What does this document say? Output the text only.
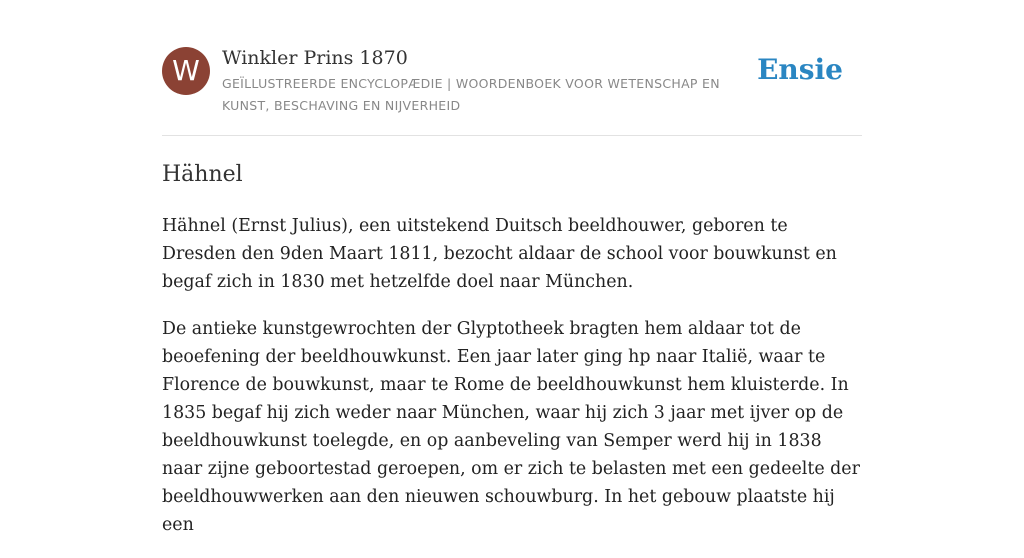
W Winkler Prins 1870
GEÏLLUSTREERDE ENCYCLOPÆDIE | WOORDENBOEK VOOR WETENSCHAP EN KUNST, BESCHAVING EN NIJVERHEID
Ensie
Hähnel

Hähnel (Ernst Julius), een uitstekend Duitsch beeldhouwer, geboren te Dresden den 9den Maart 1811, bezocht aldaar de school voor bouwkunst en begaf zich in 1830 met hetzelfde doel naar München.

De antieke kunstgewrochten der Glyptotheek bragten hem aldaar tot de beoefening der beeldhouwkunst. Een jaar later ging hp naar Italië, waar te Florence de bouwkunst, maar te Rome de beeldhouwkunst hem kluisterde. In 1835 begaf hij zich weder naar München, waar hij zich 3 jaar met ijver op de beeldhouwkunst toelegde, en op aanbeveling van Semper werd hij in 1838 naar zijne geboortestad geroepen, om er zich te belasten met een gedeelte der beeldhouwwerken aan den nieuwen schouwburg. In het gebouw plaatste hij een
